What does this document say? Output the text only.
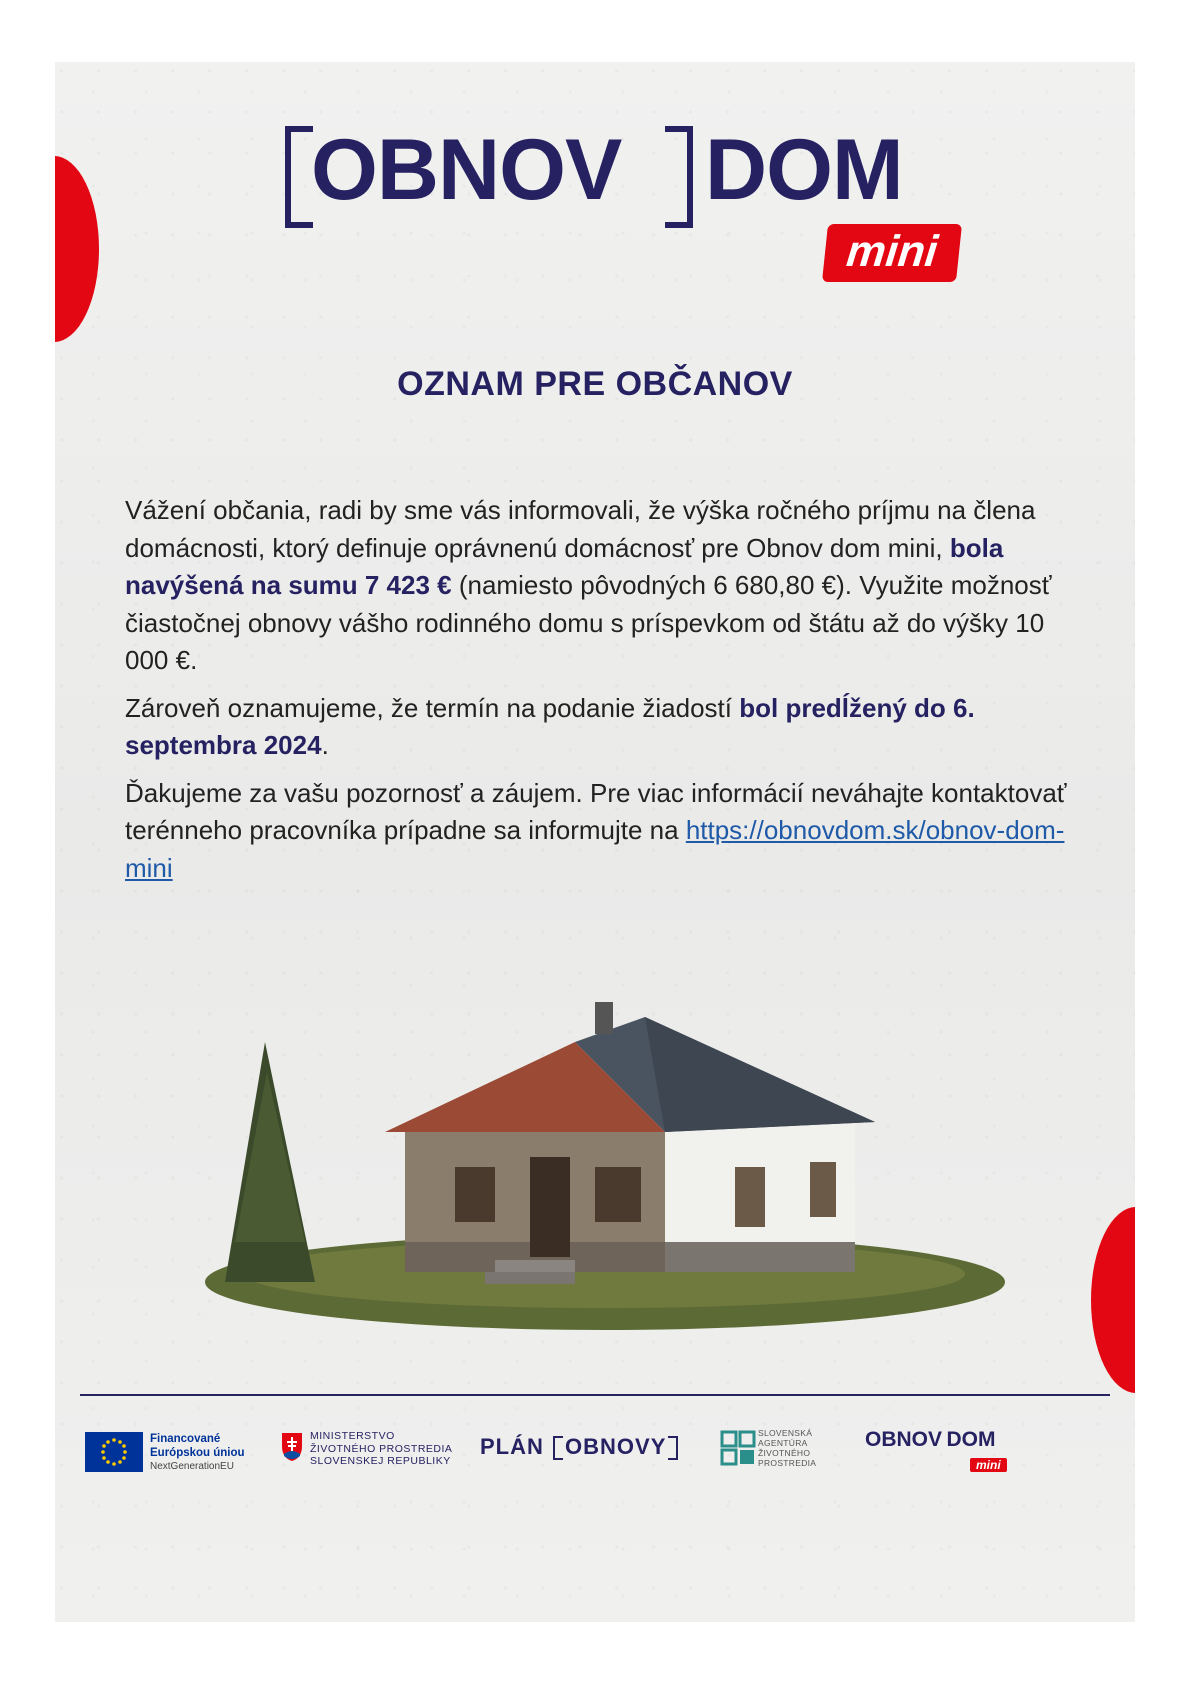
OBNOV DOM
mini
OZNAM PRE OBČANOV

Vážení občania, radi by sme vás informovali, že výška ročného príjmu na člena domácnosti, ktorý definuje oprávnenú domácnosť pre Obnov dom mini, bola navýšená na sumu 7 423 € (namiesto pôvodných 6 680,80 €). Využite možnosť čiastočnej obnovy vášho rodinného domu s príspevkom od štátu až do výšky 10 000 €.

Zároveň oznamujeme, že termín na podanie žiadostí bol predĺžený do 6. septembra 2024.

Ďakujeme za vašu pozornosť a záujem. Pre viac informácií neváhajte kontaktovať terénneho pracovníka prípadne sa informujte na https://obnovdom.sk/obnov-dom-mini

Financované
Európskou úniou
NextGenerationEU
MINISTERSTVO
ŽIVOTNÉHO PROSTREDIA
SLOVENSKEJ REPUBLIKY
PLÁN OBNOVY
SLOVENSKÁ
AGENTÚRA
ŽIVOTNÉHO
PROSTREDIA
OBNOV DOM
mini
